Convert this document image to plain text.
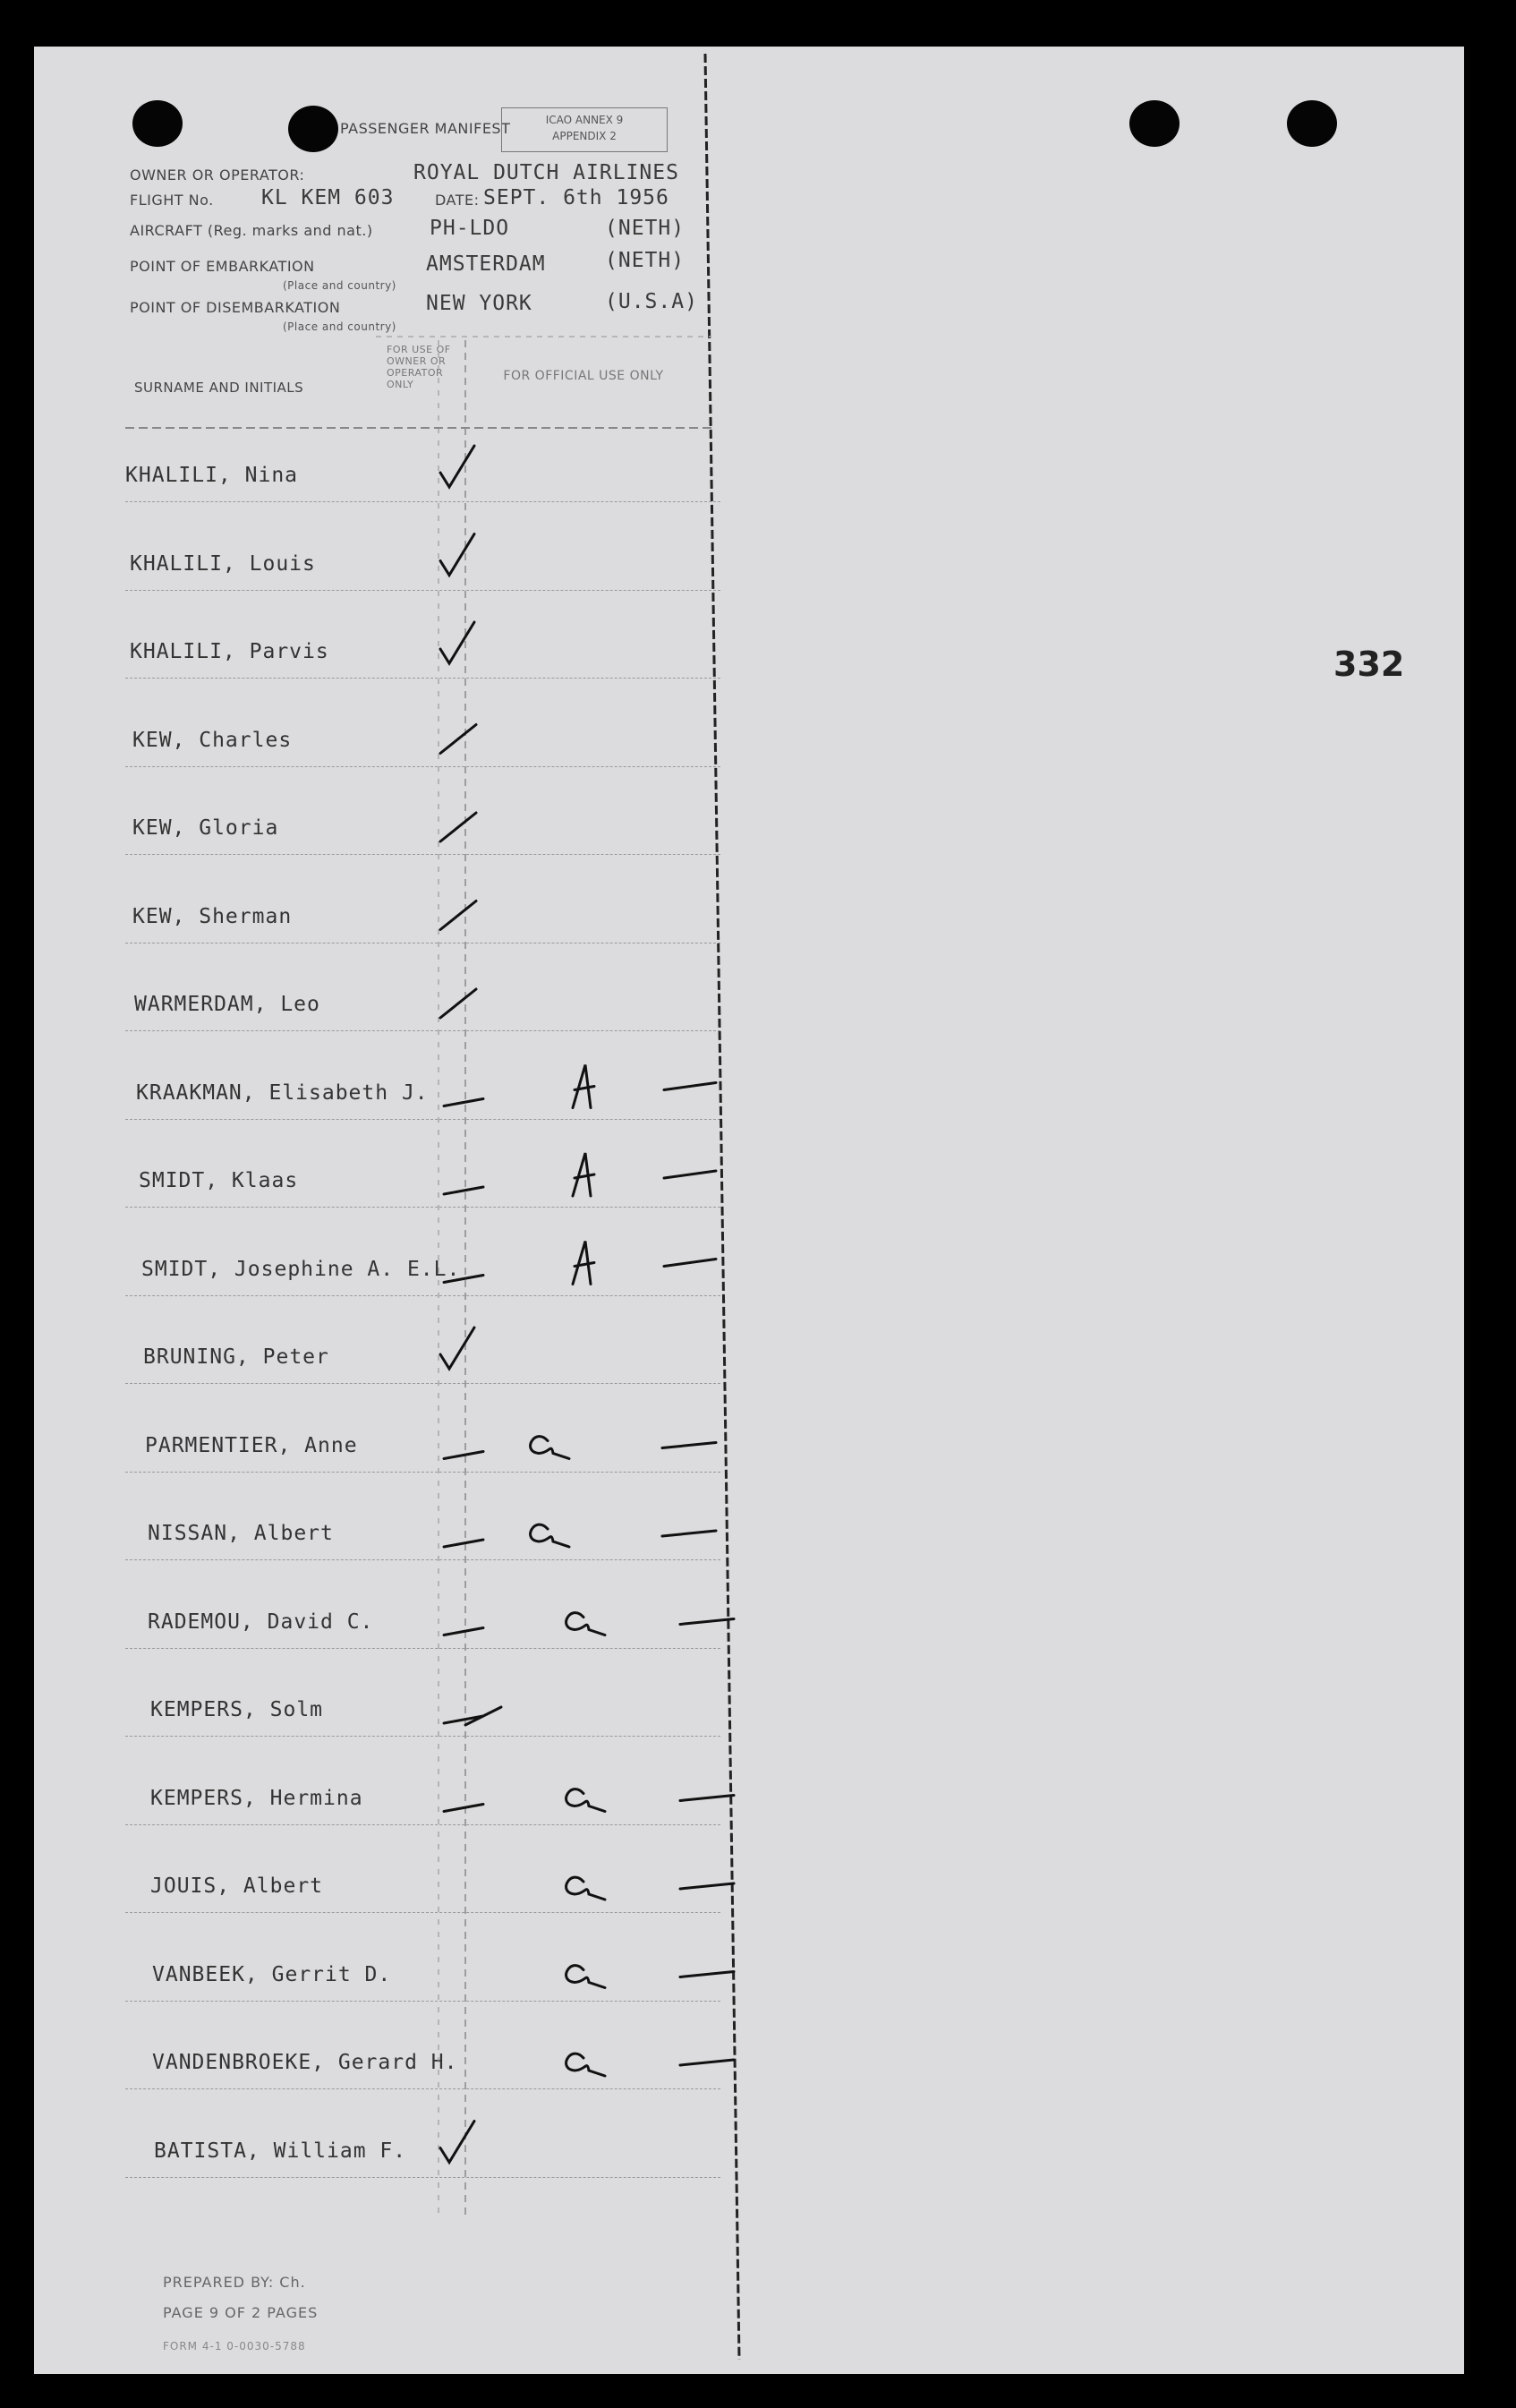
PASSENGER MANIFEST	ICAO ANNEX 9
APPENDIX 2
OWNER OR OPERATOR:	ROYAL DUTCH AIRLINES
FLIGHT No. KL KEM 603	DATE: SEPT. 6th 1956
AIRCRAFT (Reg. marks and nat.)	PH-LDO	(NETH)
POINT OF EMBARKATION	AMSTERDAM	(NETH)
(Place and country)
POINT OF DISEMBARKATION	NEW YORK	(U.S.A)
(Place and country)
SURNAME AND INITIALS
FOR USE OF OWNER OR OPERATOR ONLY
FOR OFFICIAL USE ONLY
332
KHALILI, Nina
KHALILI, Louis
KHALILI, Parvis
KEW, Charles
KEW, Gloria
KEW, Sherman
WARMERDAM, Leo
KRAAKMAN, Elisabeth J.
SMIDT, Klaas
SMIDT, Josephine A. E.L.
BRUNING, Peter
PARMENTIER, Anne
NISSAN, Albert
RADEMOU, David C.
KEMPERS, Solm
KEMPERS, Hermina
JOUIS, Albert
VANBEEK, Gerrit D.
VANDENBROEKE, Gerard H.
BATISTA, William F.
PREPARED BY: Ch.
PAGE 9 OF 2 PAGES
FORM 4-1 0-0030-5788
